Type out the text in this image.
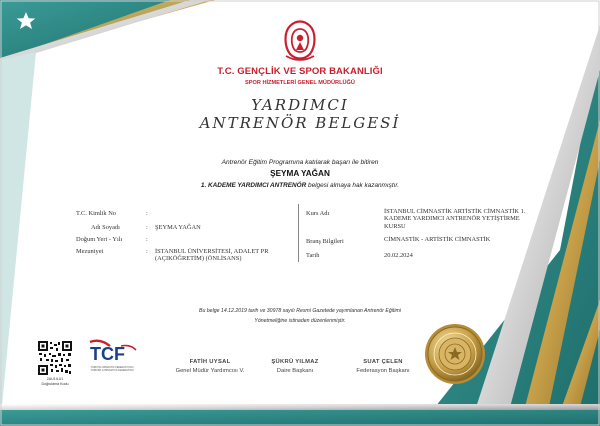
T.C. GENÇLİK VE SPOR BAKANLIĞI
SPOR HİZMETLERİ GENEL MÜDÜRLÜĞÜ
YARDIMCI
ANTRENÖR BELGESİ
Antrenör Eğitim Programına katılarak başarı ile bitiren
ŞEYMA YAĞAN
1. KADEME YARDIMCI ANTRENÖR belgesi almaya hak kazanmıştır.
T.C. Kimlik No	:
Adı Soyadı	: ŞEYMA YAĞAN
Doğum Yeri - Yılı	:
Mezuniyet	: İSTANBUL ÜNİVERSİTESİ, ADALET PR (AÇIKÖĞRETİM) (ÖNLİSANS)
Kurs Adı	İSTANBUL CİMNASTİK ARTİSTİK CİMNASTİK 1. KADEME YARDIMCI ANTRENÖR YETİŞTİRME KURSU
Branş Bilgileri	CİMNASTİK - ARTİSTİK CİMNASTİK
Tarih	20.02.2024
Bu belge 14.12.2019 tarih ve 30978 sayılı Resmi Gazetede yayımlanan Antrenör Eğitimi
Yönetmeliğine istinaden düzenlenmiştir.
2AU1ILU1
Doğrulama Kodu
TCF
TÜRKİYE CİMNASTİK FEDERASYONU
TURKISH GYMNASTICS FEDERATION
FATİH UYSAL
Genel Müdür Yardımcısı V.
ŞÜKRÜ YILMAZ
Daire Başkanı
SUAT ÇELEN
Federasyon Başkanı
